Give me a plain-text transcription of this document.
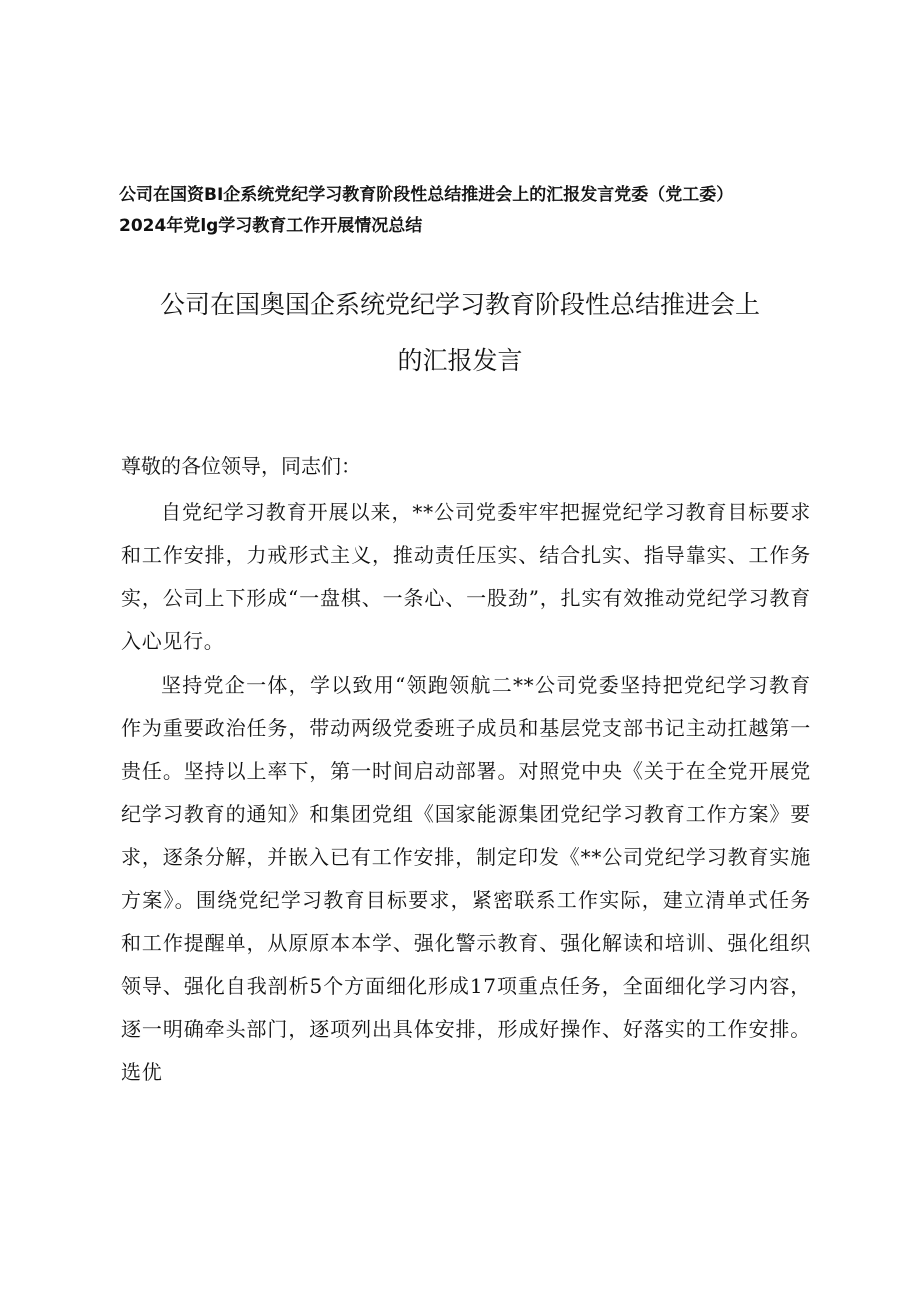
公司在国资BI企系统党纪学习教育阶段性总结推进会上的汇报发言党委（党工委）
2024年党lg学习教育工作开展情况总结
公司在国奥国企系统党纪学习教育阶段性总结推进会上
的汇报发言
尊敬的各位领导，同志们：

自党纪学习教育开展以来，**公司党委牢牢把握党纪学习教育目标要求和工作安排，力戒形式主义，推动责任压实、结合扎实、指导靠实、工作务实，公司上下形成“一盘棋、一条心、一股劲”，扎实有效推动党纪学习教育入心见行。

坚持党企一体，学以致用“领跑领航二**公司党委坚持把党纪学习教育作为重要政治任务，带动两级党委班子成员和基层党支部书记主动扛越第一贵任。坚持以上率下，第一时间启动部署。对照党中央《关于在全党开展党纪学习教育的通知》和集团党组《国家能源集团党纪学习教育工作方案》要求，逐条分解，并嵌入已有工作安排，制定印发《**公司党纪学习教育实施方案》。围绕党纪学习教育目标要求，紧密联系工作实际，建立清单式任务和工作提醒单，从原原本本学、强化警示教育、强化解读和培训、强化组织领导、强化自我剖析5个方面细化形成17项重点任务，全面细化学习内容，逐一明确牵头部门，逐项列出具体安排，形成好操作、好落实的工作安排。选优
